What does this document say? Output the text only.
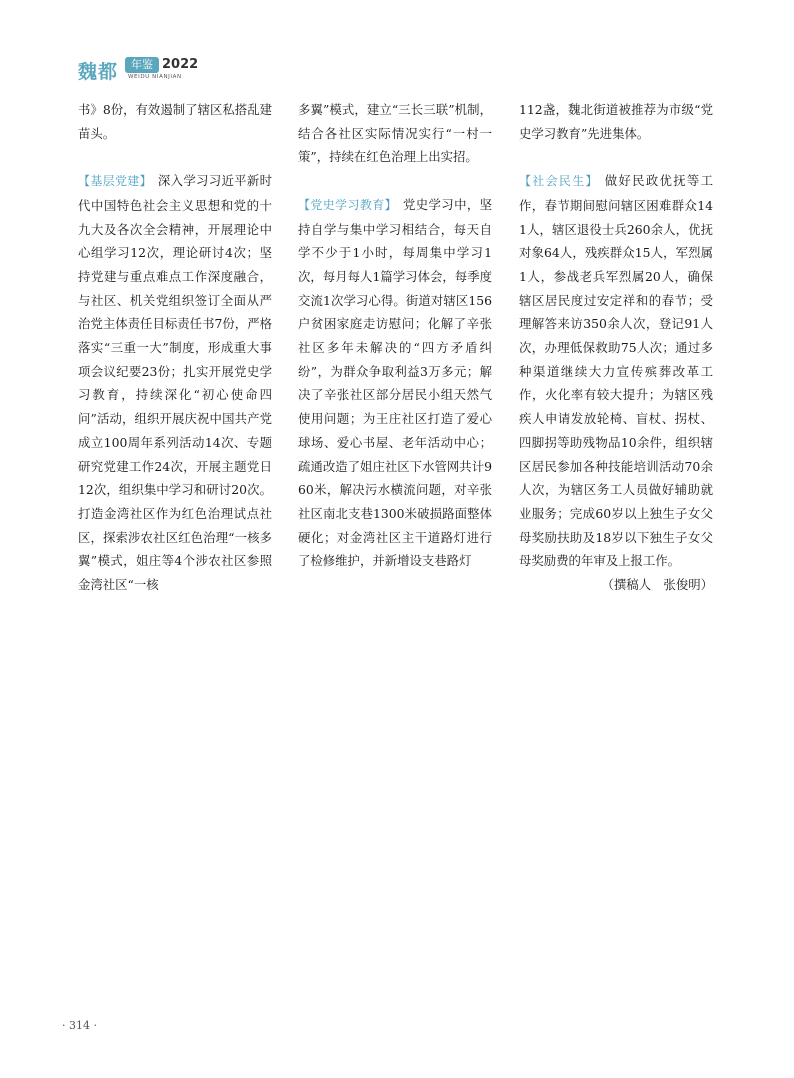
魏都	年鉴 2022
WEIDU NIANJIAN

书》8份，有效遏制了辖区私搭乱建苗头。

【基层党建】 深入学习习近平新时代中国特色社会主义思想和党的十九大及各次全会精神，开展理论中心组学习12次，理论研讨4次；坚持党建与重点难点工作深度融合，与社区、机关党组织签订全面从严治党主体责任目标责任书7份，严格落实“三重一大”制度，形成重大事项会议纪要23份；扎实开展党史学习教育，持续深化“初心使命四问”活动，组织开展庆祝中国共产党成立100周年系列活动14次、专题研究党建工作24次，开展主题党日12次，组织集中学习和研讨20次。打造金湾社区作为红色治理试点社区，探索涉农社区红色治理“一核多翼”模式，姐庄等4个涉农社区参照金湾社区“一核

多翼”模式，建立“三长三联”机制，结合各社区实际情况实行“一村一策”，持续在红色治理上出实招。

【党史学习教育】 党史学习中，坚持自学与集中学习相结合，每天自学不少于1小时，每周集中学习1次，每月每人1篇学习体会，每季度交流1次学习心得。街道对辖区156户贫困家庭走访慰问；化解了辛张社区多年未解决的“四方矛盾纠纷”，为群众争取利益3万多元；解决了辛张社区部分居民小组天然气使用问题；为王庄社区打造了爱心球场、爱心书屋、老年活动中心；疏通改造了姐庄社区下水管网共计960米，解决污水横流问题，对辛张社区南北支巷1300米破损路面整体硬化；对金湾社区主干道路灯进行了检修维护，并新增设支巷路灯

112盏，魏北街道被推荐为市级“党史学习教育”先进集体。

【社会民生】 做好民政优抚等工作，春节期间慰问辖区困难群众141人，辖区退役士兵260余人，优抚对象64人，残疾群众15人，军烈属1人，参战老兵军烈属20人，确保辖区居民度过安定祥和的春节；受理解答来访350余人次，登记91人次，办理低保救助75人次；通过多种渠道继续大力宣传殡葬改革工作，火化率有较大提升；为辖区残疾人申请发放轮椅、盲杖、拐杖、四脚拐等助残物品10余件，组织辖区居民参加各种技能培训活动70余人次，为辖区务工人员做好辅助就业服务；完成60岁以上独生子女父母奖励扶助及18岁以下独生子女父母奖励费的年审及上报工作。

（撰稿人　张俊明）

· 314 ·
